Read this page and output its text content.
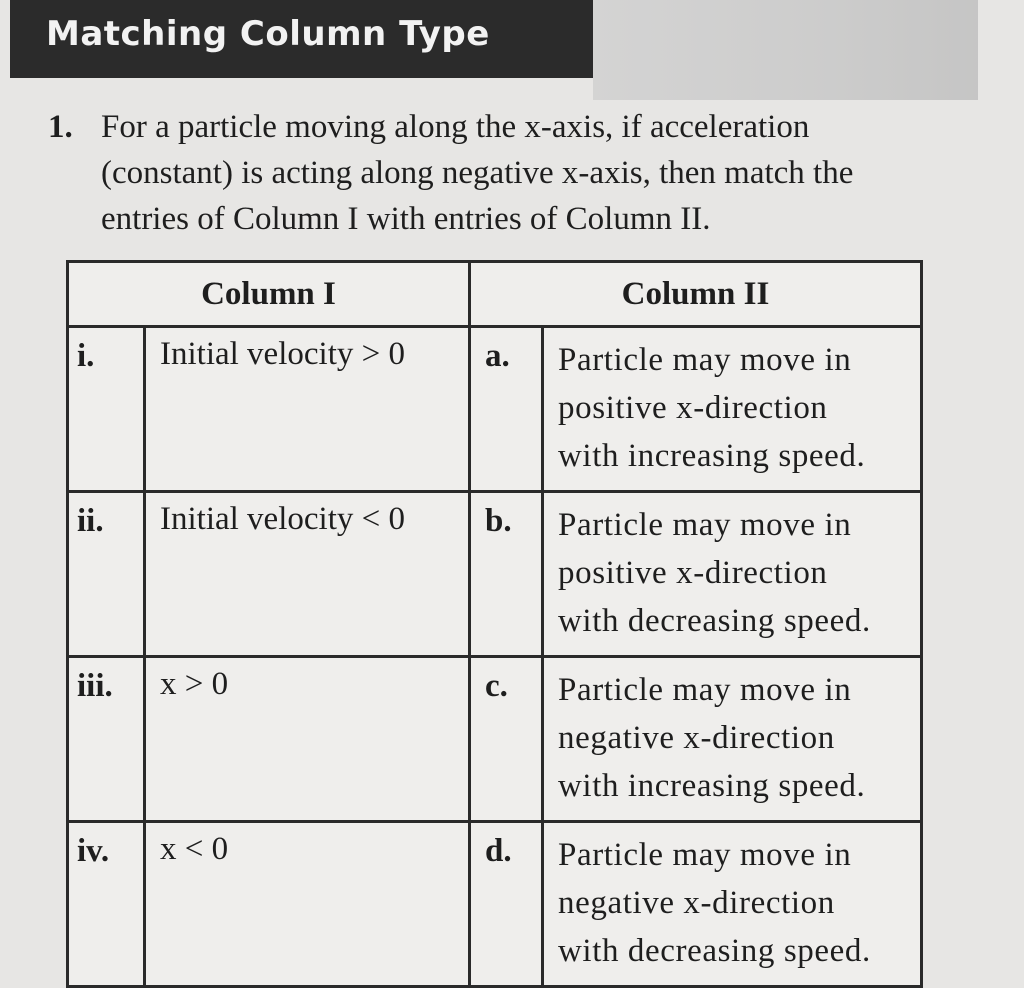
Matching Column Type
1. For a particle moving along the x-axis, if acceleration
(constant) is acting along negative x-axis, then match the
entries of Column I with entries of Column II.

Column I		Column II	
i.	Initial velocity > 0	a.	Particle may move in
positive x-direction
with increasing speed.

ii.	Initial velocity < 0	b.	Particle may move in
positive x-direction
with decreasing speed.

iii.	x > 0	c.	Particle may move in
negative x-direction
with increasing speed.

iv.	x < 0	d.	Particle may move in
negative x-direction
with decreasing speed.
